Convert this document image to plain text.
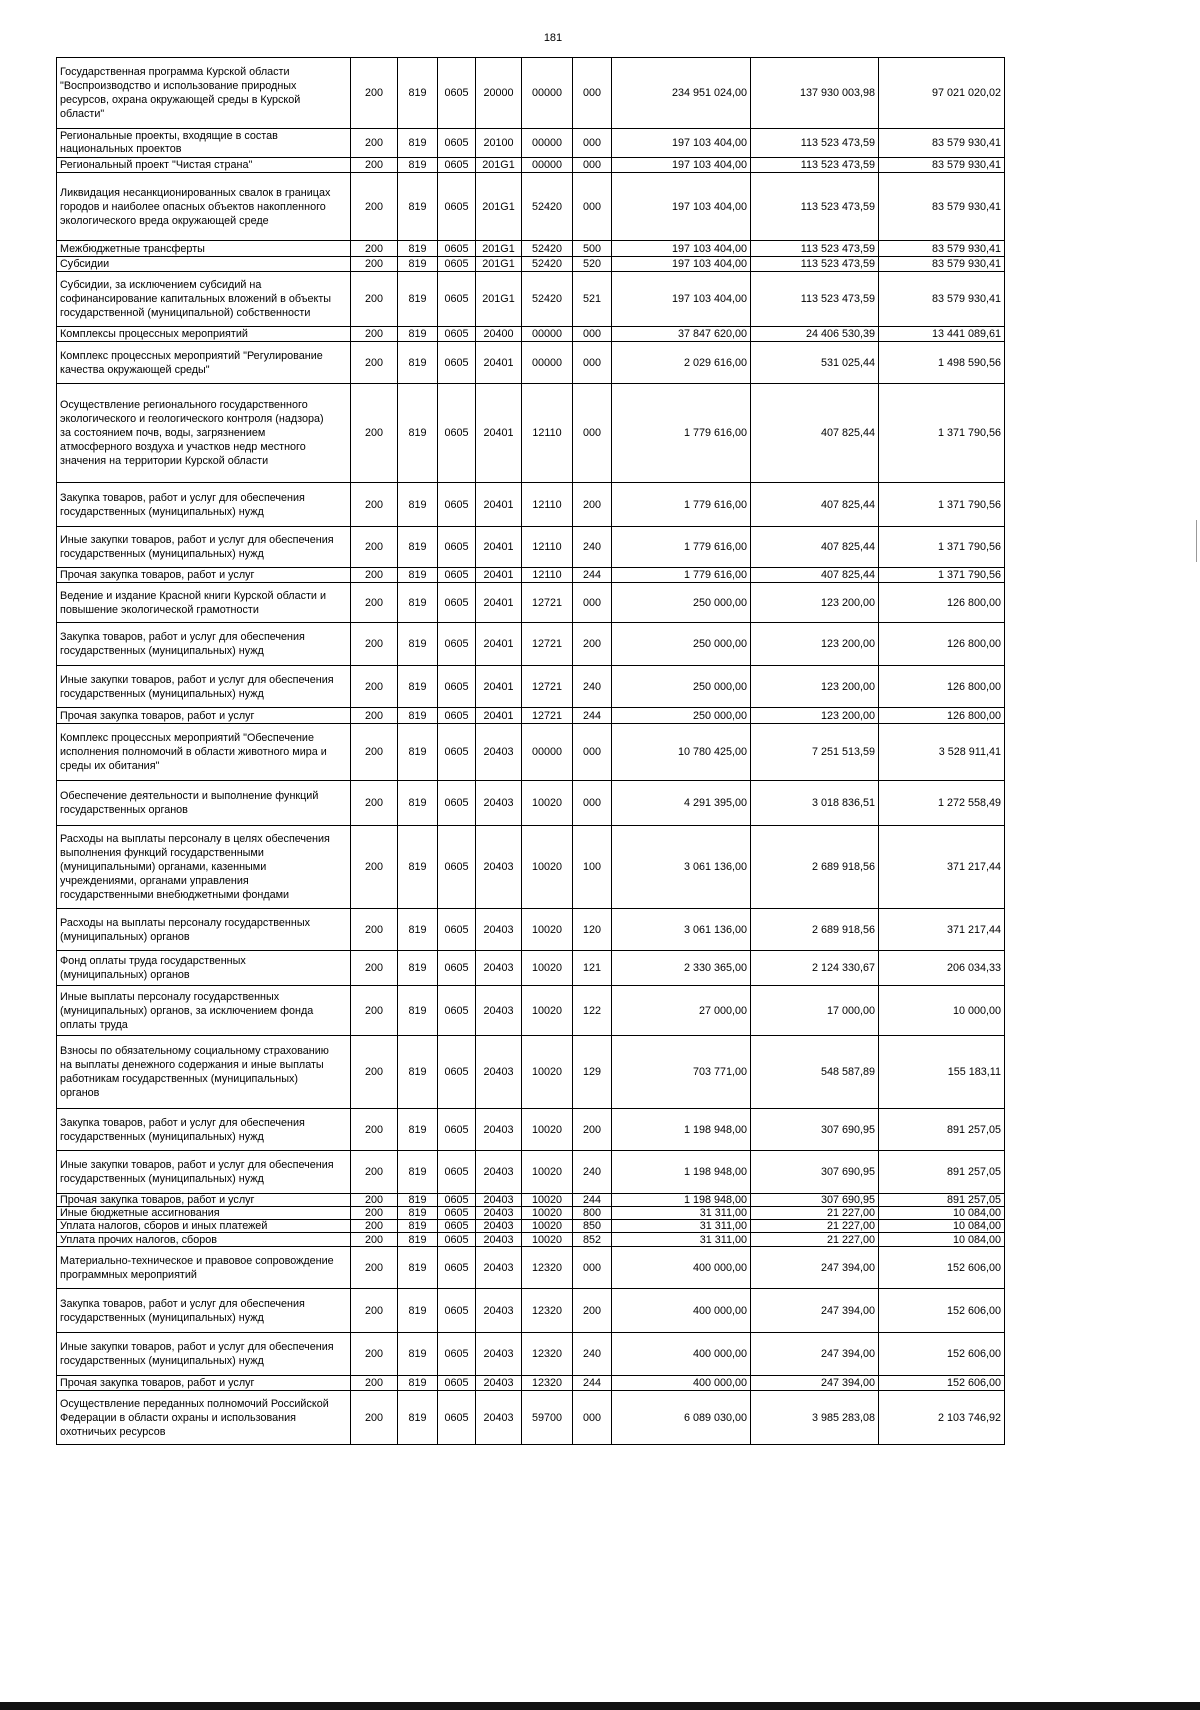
181
Государственная программа Курской области
"Воспроизводство и использование природных
ресурсов, охрана окружающей среды в Курской
области"	200	819	0605	20000	00000	000	234 951 024,00	137 930 003,98	97 021 020,02
Региональные проекты, входящие в состав
национальных проектов	200	819	0605	20100	00000	000	197 103 404,00	113 523 473,59	83 579 930,41
Региональный проект "Чистая страна"	200	819	0605	201G1	00000	000	197 103 404,00	113 523 473,59	83 579 930,41
Ликвидация несанкционированных свалок в границах
городов и наиболее опасных объектов накопленного
экологического вреда окружающей среде	200	819	0605	201G1	52420	000	197 103 404,00	113 523 473,59	83 579 930,41
Межбюджетные трансферты	200	819	0605	201G1	52420	500	197 103 404,00	113 523 473,59	83 579 930,41
Субсидии	200	819	0605	201G1	52420	520	197 103 404,00	113 523 473,59	83 579 930,41
Субсидии, за исключением субсидий на
софинансирование капитальных вложений в объекты
государственной (муниципальной) собственности	200	819	0605	201G1	52420	521	197 103 404,00	113 523 473,59	83 579 930,41
Комплексы процессных мероприятий	200	819	0605	20400	00000	000	37 847 620,00	24 406 530,39	13 441 089,61
Комплекс процессных мероприятий "Регулирование
качества окружающей среды"	200	819	0605	20401	00000	000	2 029 616,00	531 025,44	1 498 590,56
Осуществление регионального государственного
экологического и геологического контроля (надзора)
за состоянием почв, воды, загрязнением
атмосферного воздуха и участков недр местного
значения на территории Курской области	200	819	0605	20401	12110	000	1 779 616,00	407 825,44	1 371 790,56
Закупка товаров, работ и услуг для обеспечения
государственных (муниципальных) нужд	200	819	0605	20401	12110	200	1 779 616,00	407 825,44	1 371 790,56
Иные закупки товаров, работ и услуг для обеспечения
государственных (муниципальных) нужд	200	819	0605	20401	12110	240	1 779 616,00	407 825,44	1 371 790,56
Прочая закупка товаров, работ и услуг	200	819	0605	20401	12110	244	1 779 616,00	407 825,44	1 371 790,56
Ведение и издание Красной книги Курской области и
повышение экологической грамотности	200	819	0605	20401	12721	000	250 000,00	123 200,00	126 800,00
Закупка товаров, работ и услуг для обеспечения
государственных (муниципальных) нужд	200	819	0605	20401	12721	200	250 000,00	123 200,00	126 800,00
Иные закупки товаров, работ и услуг для обеспечения
государственных (муниципальных) нужд	200	819	0605	20401	12721	240	250 000,00	123 200,00	126 800,00
Прочая закупка товаров, работ и услуг	200	819	0605	20401	12721	244	250 000,00	123 200,00	126 800,00
Комплекс процессных мероприятий "Обеспечение
исполнения полномочий в области животного мира и
среды их обитания"	200	819	0605	20403	00000	000	10 780 425,00	7 251 513,59	3 528 911,41
Обеспечение деятельности и выполнение функций
государственных органов	200	819	0605	20403	10020	000	4 291 395,00	3 018 836,51	1 272 558,49
Расходы на выплаты персоналу в целях обеспечения
выполнения функций государственными
(муниципальными) органами, казенными
учреждениями, органами управления
государственными внебюджетными фондами	200	819	0605	20403	10020	100	3 061 136,00	2 689 918,56	371 217,44
Расходы на выплаты персоналу государственных
(муниципальных) органов	200	819	0605	20403	10020	120	3 061 136,00	2 689 918,56	371 217,44
Фонд оплаты труда государственных
(муниципальных) органов	200	819	0605	20403	10020	121	2 330 365,00	2 124 330,67	206 034,33
Иные выплаты персоналу государственных
(муниципальных) органов, за исключением фонда
оплаты труда	200	819	0605	20403	10020	122	27 000,00	17 000,00	10 000,00
Взносы по обязательному социальному страхованию
на выплаты денежного содержания и иные выплаты
работникам государственных (муниципальных)
органов	200	819	0605	20403	10020	129	703 771,00	548 587,89	155 183,11
Закупка товаров, работ и услуг для обеспечения
государственных (муниципальных) нужд	200	819	0605	20403	10020	200	1 198 948,00	307 690,95	891 257,05
Иные закупки товаров, работ и услуг для обеспечения
государственных (муниципальных) нужд	200	819	0605	20403	10020	240	1 198 948,00	307 690,95	891 257,05
Прочая закупка товаров, работ и услуг	200	819	0605	20403	10020	244	1 198 948,00	307 690,95	891 257,05
Иные бюджетные ассигнования	200	819	0605	20403	10020	800	31 311,00	21 227,00	10 084,00
Уплата налогов, сборов и иных платежей	200	819	0605	20403	10020	850	31 311,00	21 227,00	10 084,00
Уплата прочих налогов, сборов	200	819	0605	20403	10020	852	31 311,00	21 227,00	10 084,00
Материально-техническое и правовое сопровождение
программных мероприятий	200	819	0605	20403	12320	000	400 000,00	247 394,00	152 606,00
Закупка товаров, работ и услуг для обеспечения
государственных (муниципальных) нужд	200	819	0605	20403	12320	200	400 000,00	247 394,00	152 606,00
Иные закупки товаров, работ и услуг для обеспечения
государственных (муниципальных) нужд	200	819	0605	20403	12320	240	400 000,00	247 394,00	152 606,00
Прочая закупка товаров, работ и услуг	200	819	0605	20403	12320	244	400 000,00	247 394,00	152 606,00
Осуществление переданных полномочий Российской
Федерации в области охраны и использования
охотничьих ресурсов	200	819	0605	20403	59700	000	6 089 030,00	3 985 283,08	2 103 746,92
